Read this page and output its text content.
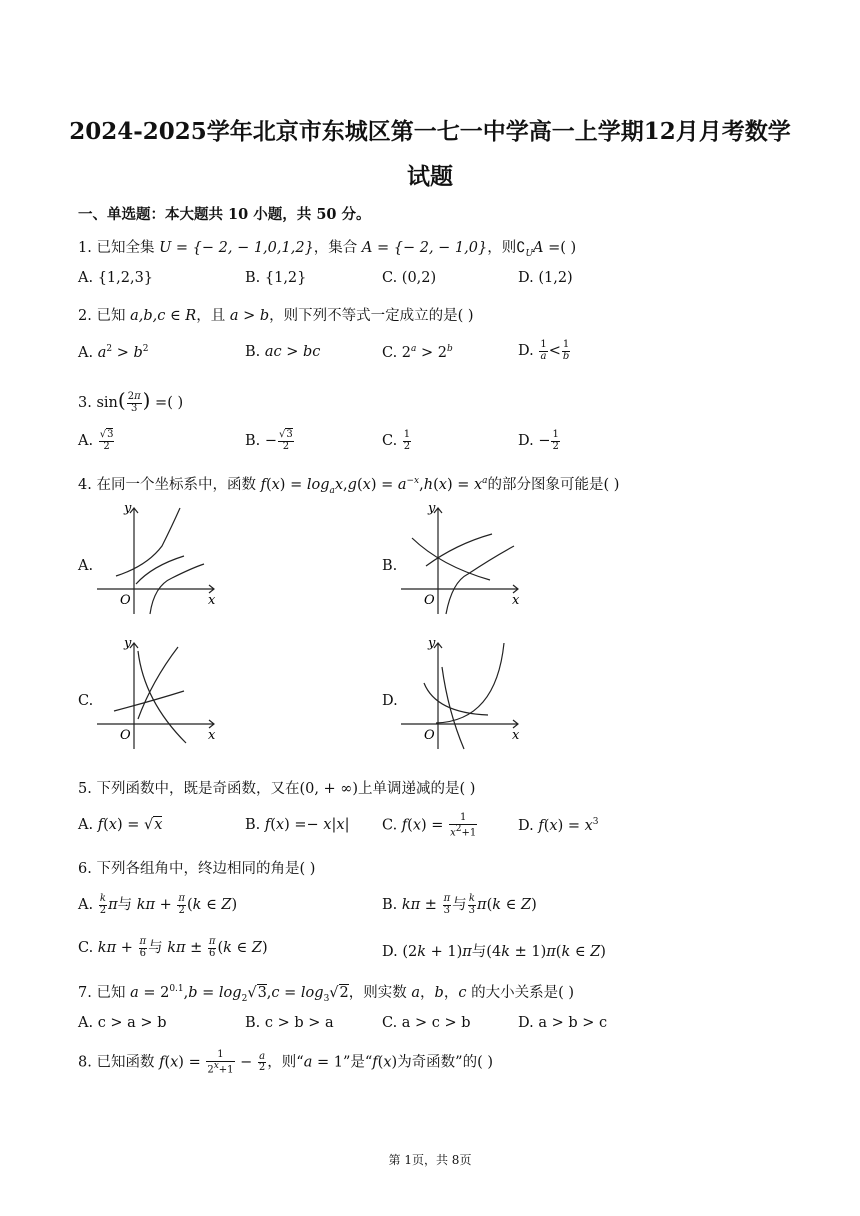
2024-2025学年北京市东城区第一七一中学高一上学期12月月考数学
试题
一、单选题：本大题共 10 小题，共 50 分。
1. 已知全集 U = {− 2, − 1,0,1,2}，集合 A = {− 2, − 1,0}，则$∁_UA$ =( )
A. {1,2,3}	B. {1,2}	C. (0,2)	D. (1,2)
2. 已知 a,b,c ∈ R，且 a > b，则下列不等式一定成立的是( )
A. $a^2 > b^2$	B. ac > bc	C. $2^a > 2^b$	D. $\frac{1}{a} < \frac{1}{b}$
3. $\sin( \frac{2\pi}{3}$ ) =( )
A. $\frac{√3}{2}$	B. − $\frac{√3}{2}$	C. $\frac{1}{2}$	D. − $\frac{1}{2}$
4. 在同一个坐标系中，函数 $f(x) = \log_ax,g(x) = a^{-x},h(x) = x^a$的部分图象可能是( )
A.	B.
C.	D.
y
O	x
y
O	x
y
O	x
y
O	x
5. 下列函数中，既是奇函数，又在(0, + ∞)上单调递减的是( )
A. f(x) = √x	B. f(x) =− x|x| C. $f(x) = \frac{1}{x^2+1}$	D. $f(x) = x^3$
6. 下列各组角中，终边相同的角是( )
A. $\frac{k}{2}$ π与 $k\pi + \frac{\pi}{2} (k$ ∈ Z)	B. $k\pi \pm \frac{\pi}{3}$ 与 $\frac{k}{3} \pi(k$ ∈ Z)
C. $k\pi + \frac{\pi}{6}$ 与 $k\pi \pm \frac{\pi}{6} (k$ ∈ Z)	D. (2k + 1)π与(4k ± 1)π(k ∈ Z)
7. 已知 $a = 2^{0.1},b = \log_2√3,c = \log_3√2$，则实数 a，b，c 的大小关系是( )
A. c > a > b	B. c > b > a	C. a > c > b	D. a > b > c
8. 已知函数 $f(x) = \frac{1}{2^x+1} - \frac{a}{2}$ ，则“a = 1”是“f(x)为奇函数”的( )
第 1页，共 8页
